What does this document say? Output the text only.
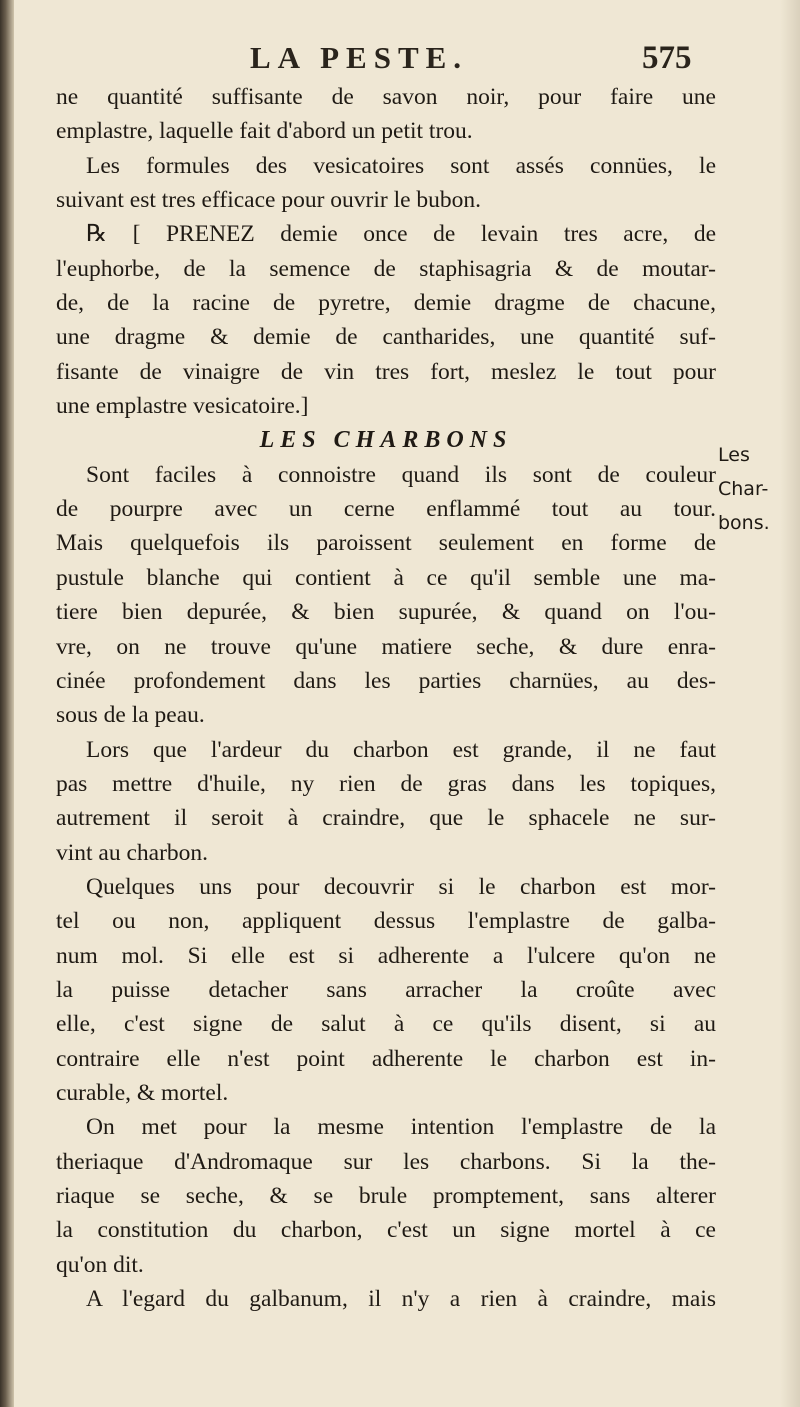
LA PESTE.	575
ne quantité suffisante de savon noir, pour faire une
emplastre, laquelle fait d'abord un petit trou.
Les formules des vesicatoires sont assés connües, le
suivant est tres efficace pour ouvrir le bubon.
℞ [ PRENEZ demie once de levain tres acre, de
l'euphorbe, de la semence de staphisagria & de moutar-
de, de la racine de pyretre, demie dragme de chacune,
une dragme & demie de cantharides, une quantité suf-
fisante de vinaigre de vin tres fort, meslez le tout pour
une emplastre vesicatoire.]
LES CHARBONS
Sont faciles à connoistre quand ils sont de couleur
de pourpre avec un cerne enflammé tout au tour.
Mais quelquefois ils paroissent seulement en forme de
pustule blanche qui contient à ce qu'il semble une ma-
tiere bien depurée, & bien supurée, & quand on l'ou-
vre, on ne trouve qu'une matiere seche, & dure enra-
cinée profondement dans les parties charnües, au des-
sous de la peau.
Lors que l'ardeur du charbon est grande, il ne faut
pas mettre d'huile, ny rien de gras dans les topiques,
autrement il seroit à craindre, que le sphacele ne sur-
vint au charbon.
Quelques uns pour decouvrir si le charbon est mor-
tel ou non, appliquent dessus l'emplastre de galba-
num mol. Si elle est si adherente a l'ulcere qu'on ne
la puisse detacher sans arracher la croûte avec
elle, c'est signe de salut à ce qu'ils disent, si au
contraire elle n'est point adherente le charbon est in-
curable, & mortel.
On met pour la mesme intention l'emplastre de la
theriaque d'Andromaque sur les charbons. Si la the-
riaque se seche, & se brule promptement, sans alterer
la constitution du charbon, c'est un signe mortel à ce
qu'on dit.
A l'egard du galbanum, il n'y a rien à craindre, mais
Les
Char-
bons.
